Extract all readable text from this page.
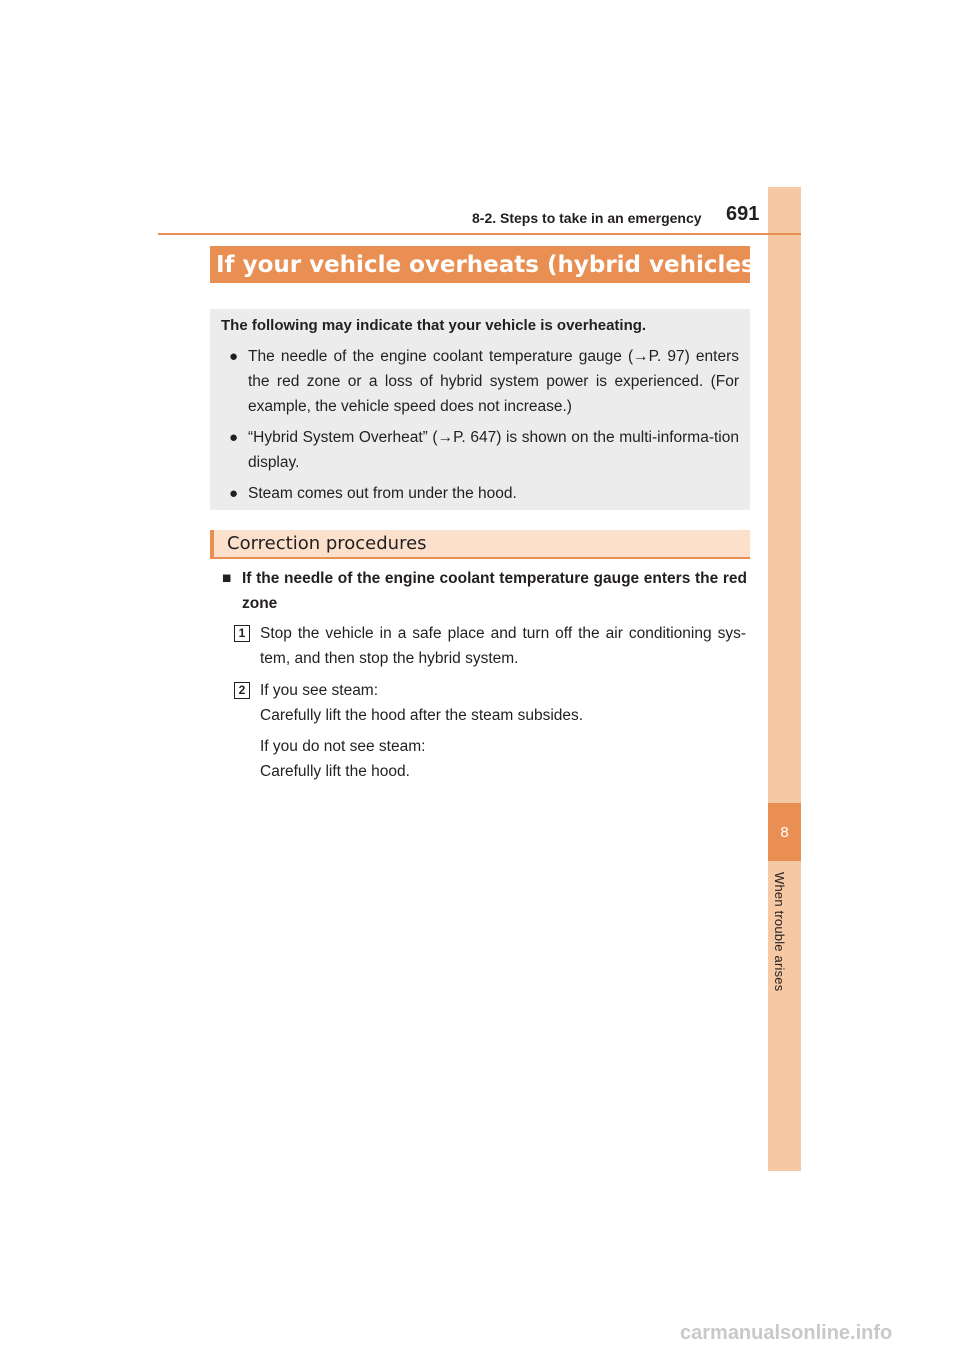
8
When trouble arises
8-2. Steps to take in an emergency 691
If your vehicle overheats (hybrid vehicles)

The following may indicate that your vehicle is overheating.

● The needle of the engine coolant temperature gauge (→P. 97) enters the red zone or a loss of hybrid system power is experienced. (For example, the vehicle speed does not increase.)

● “Hybrid System Overheat” (→P. 647) is shown on the multi-informa-tion display.

● Steam comes out from under the hood.

Correction procedures
■ If the needle of the engine coolant temperature gauge enters the red zone
1 Stop the vehicle in a safe place and turn off the air conditioning sys-tem, and then stop the hybrid system.
2 If you see steam:
Carefully lift the hood after the steam subsides.
If you do not see steam:
Carefully lift the hood.
carmanualsonline.info
